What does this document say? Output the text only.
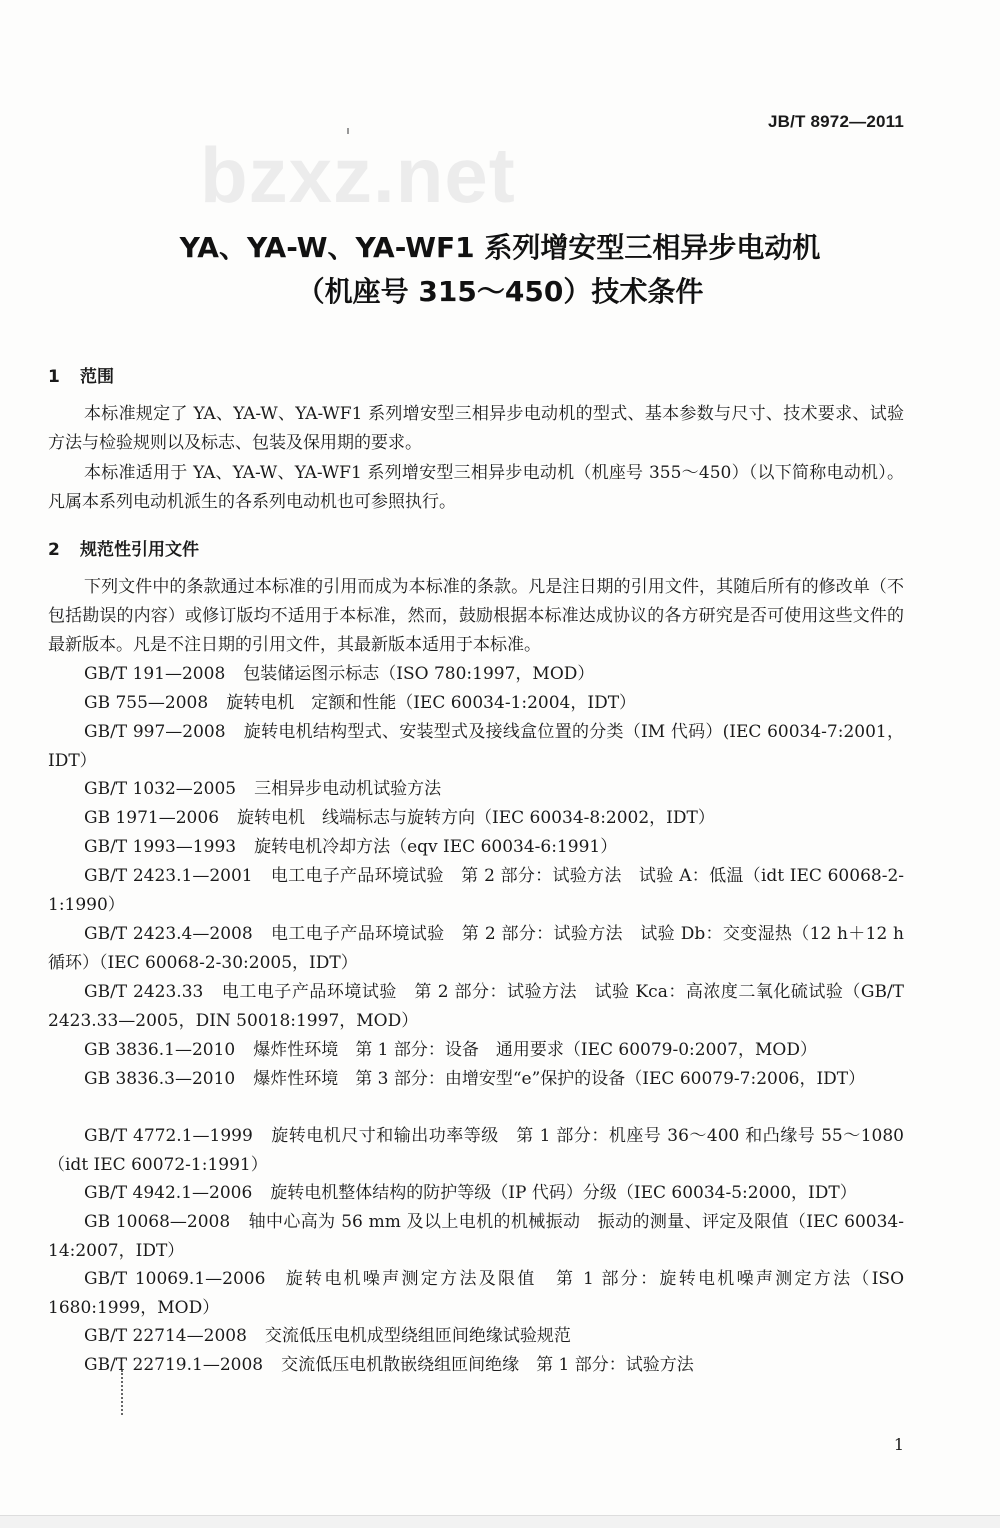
JB/T 8972—2011
bzxz.net
YA、YA-W、YA-WF1 系列增安型三相异步电动机
（机座号 315～450）技术条件
1 范围
本标准规定了 YA、YA-W、YA-WF1 系列增安型三相异步电动机的型式、基本参数与尺寸、技术要求、试验方法与检验规则以及标志、包装及保用期的要求。
本标准适用于 YA、YA-W、YA-WF1 系列增安型三相异步电动机（机座号 355～450）（以下简称电动机）。凡属本系列电动机派生的各系列电动机也可参照执行。
2 规范性引用文件
下列文件中的条款通过本标准的引用而成为本标准的条款。凡是注日期的引用文件，其随后所有的修改单（不包括勘误的内容）或修订版均不适用于本标准，然而，鼓励根据本标准达成协议的各方研究是否可使用这些文件的最新版本。凡是不注日期的引用文件，其最新版本适用于本标准。
GB/T 191—2008 包装储运图示标志（ISO 780:1997，MOD）
GB 755—2008 旋转电机　定额和性能（IEC 60034-1:2004，IDT）
GB/T 997—2008 旋转电机结构型式、安装型式及接线盒位置的分类（IM 代码）(IEC 60034-7:2001，IDT）
GB/T 1032—2005 三相异步电动机试验方法
GB 1971—2006 旋转电机　线端标志与旋转方向（IEC 60034-8:2002，IDT）
GB/T 1993—1993 旋转电机冷却方法（eqv IEC 60034-6:1991）
GB/T 2423.1—2001 电工电子产品环境试验　第 2 部分：试验方法　试验 A：低温（idt IEC 60068-2-1:1990）
GB/T 2423.4—2008 电工电子产品环境试验　第 2 部分：试验方法　试验 Db：交变湿热（12 h＋12 h 循环）（IEC 60068-2-30:2005，IDT）
GB/T 2423.33 电工电子产品环境试验　第 2 部分：试验方法　试验 Kca：高浓度二氧化硫试验（GB/T 2423.33—2005，DIN 50018:1997，MOD）
GB 3836.1—2010 爆炸性环境　第 1 部分：设备　通用要求（IEC 60079-0:2007，MOD）
GB 3836.3—2010 爆炸性环境　第 3 部分：由增安型“e”保护的设备（IEC 60079-7:2006，IDT）
GB/T 4772.1—1999 旋转电机尺寸和输出功率等级　第 1 部分：机座号 36～400 和凸缘号 55～1080（idt IEC 60072-1:1991）
GB/T 4942.1—2006 旋转电机整体结构的防护等级（IP 代码）分级（IEC 60034-5:2000，IDT）
GB 10068—2008 轴中心高为 56 mm 及以上电机的机械振动　振动的测量、评定及限值（IEC 60034-14:2007，IDT）
GB/T 10069.1—2006 旋转电机噪声测定方法及限值　第 1 部分：旋转电机噪声测定方法（ISO 1680:1999，MOD）
GB/T 22714—2008 交流低压电机成型绕组匝间绝缘试验规范
GB/T 22719.1—2008 交流低压电机散嵌绕组匝间绝缘　第 1 部分：试验方法
1
